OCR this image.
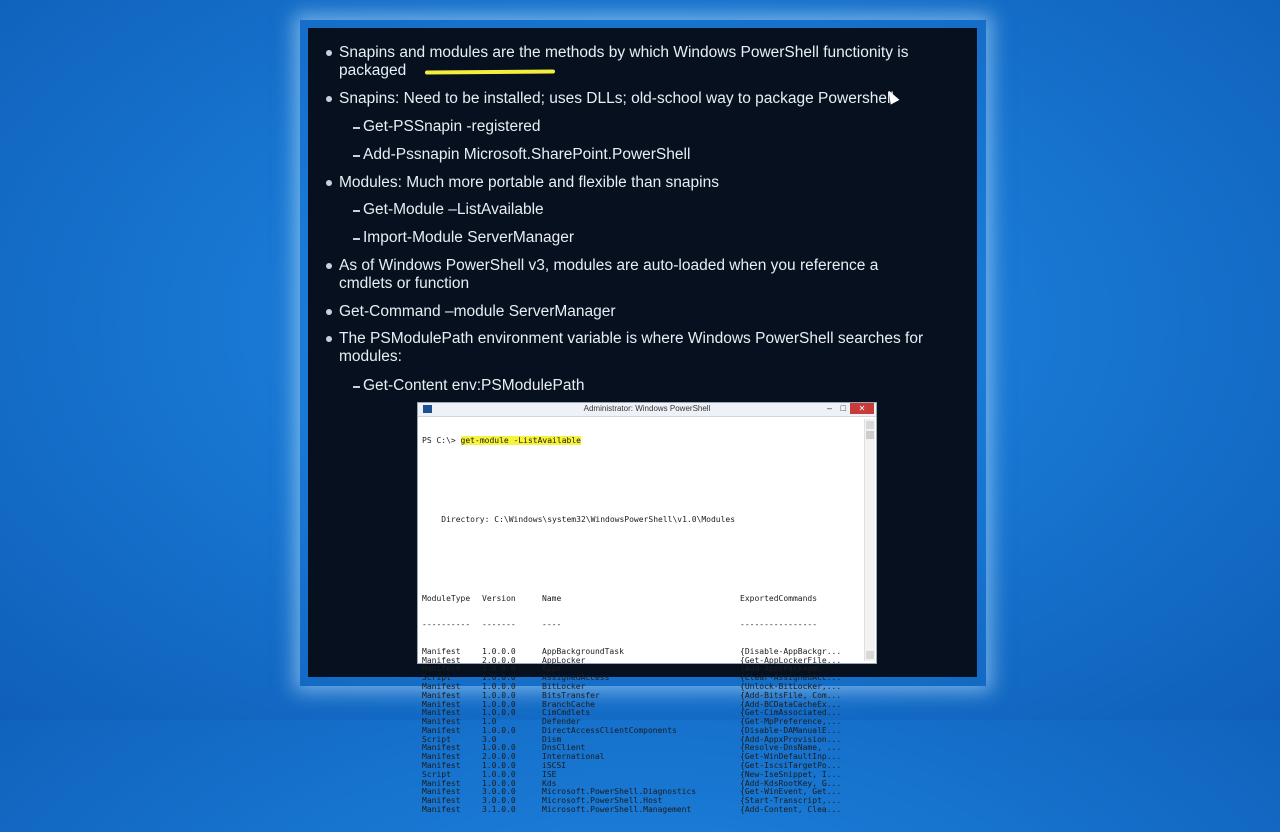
Snapins and modules are the methods by which Windows PowerShell functionity is packaged
Snapins: Need to be installed; uses DLLs; old-school way to package Powershell
Get-PSSnapin -registered
Add-Pssnapin Microsoft.SharePoint.PowerShell
Modules: Much more portable and flexible than snapins
Get-Module –ListAvailable
Import-Module ServerManager
As of Windows PowerShell v3, modules are auto-loaded when you reference a cmdlets or function
Get-Command –module ServerManager
The PSModulePath environment variable is where Windows PowerShell searches for modules:
Get-Content env:PSModulePath
Administrator: Windows PowerShell	– □	✕

PS C:\> get-module -ListAvailable

Directory: C:\Windows\system32\WindowsPowerShell\v1.0\Modules

ModuleType Version	Name	ExportedCommands

---------- -------	----	----------------

Manifest	1.0.0.0	AppBackgroundTask	{Disable-AppBackgr...
Manifest	2.0.0.0	AppLocker	{Get-AppLockerFile...
Manifest	2.0.0.0	Appx	{Add-AppxPackage, ...
Script	1.0.0.0	AssignedAccess	{Clear-AssignedAcc...
Manifest	1.0.0.0	BitLocker	{Unlock-BitLocker,...
Manifest	1.0.0.0	BitsTransfer	{Add-BitsFile, Com...
Manifest	1.0.0.0	BranchCache	{Add-BCDataCacheEx...
Manifest	1.0.0.0	CimCmdlets	{Get-CimAssociated...
Manifest	1.0	Defender	{Get-MpPreference,...
Manifest	1.0.0.0	DirectAccessClientComponents	{Disable-DAManualE...
Script	3.0	Dism	{Add-AppxProvision...
Manifest	1.0.0.0	DnsClient	{Resolve-DnsName, ...
Manifest	2.0.0.0	International	{Get-WinDefaultInp...
Manifest	1.0.0.0	iSCSI	{Get-IscsiTargetPo...
Script	1.0.0.0	ISE	{New-IseSnippet, I...
Manifest	1.0.0.0	Kds	{Add-KdsRootKey, G...
Manifest	3.0.0.0	Microsoft.PowerShell.Diagnostics	{Get-WinEvent, Get...
Manifest	3.0.0.0	Microsoft.PowerShell.Host	{Start-Transcript,...
Manifest	3.1.0.0	Microsoft.PowerShell.Management	{Add-Content, Clea...
